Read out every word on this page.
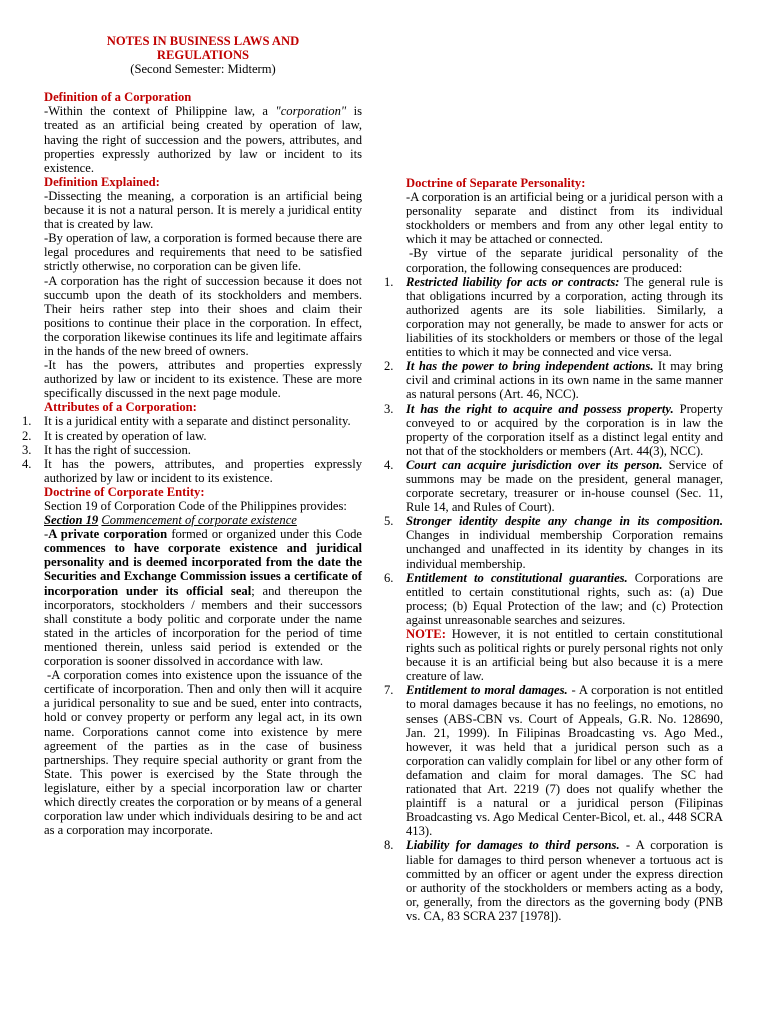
NOTES IN BUSINESS LAWS AND
REGULATIONS

(Second Semester: Midterm)

Definition of a Corporation

-Within the context of Philippine law, a "corporation" is treated as an artificial being created by operation of law, having the right of succession and the powers, attributes, and properties expressly authorized by law or incident to its existence.

Definition Explained:

-Dissecting the meaning, a corporation is an artificial being because it is not a natural person. It is merely a juridical entity that is created by law.

-By operation of law, a corporation is formed because there are legal procedures and requirements that need to be satisfied strictly otherwise, no corporation can be given life.

-A corporation has the right of succession because it does not succumb upon the death of its stockholders and members. Their heirs rather step into their shoes and claim their positions to continue their place in the corporation. In effect, the corporation likewise continues its life and legitimate affairs in the hands of the new breed of owners.

-It has the powers, attributes and properties expressly authorized by law or incident to its existence. These are more specifically discussed in the next page module.

Attributes of a Corporation:

1. It is a juridical entity with a separate and distinct personality.
2. It is created by operation of law.
3. It has the right of succession.
4. It has the powers, attributes, and properties expressly authorized by law or incident to its existence.

Doctrine of Corporate Entity:

Section 19 of Corporation Code of the Philippines provides:

Section 19 Commencement of corporate existence

-A private corporation formed or organized under this Code commences to have corporate existence and juridical personality and is deemed incorporated from the date the Securities and Exchange Commission issues a certificate of incorporation under its official seal; and thereupon the incorporators, stockholders / members and their successors shall constitute a body politic and corporate under the name stated in the articles of incorporation for the period of time mentioned therein, unless said period is extended or the corporation is sooner dissolved in accordance with law.

-A corporation comes into existence upon the issuance of the certificate of incorporation. Then and only then will it acquire a juridical personality to sue and be sued, enter into contracts, hold or convey property or perform any legal act, in its own name. Corporations cannot come into existence by mere agreement of the parties as in the case of business partnerships. They require special authority or grant from the State. This power is exercised by the State through the legislature, either by a special incorporation law or charter which directly creates the corporation or by means of a general corporation law under which individuals desiring to be and act as a corporation may incorporate.

Doctrine of Separate Personality:

-A corporation is an artificial being or a juridical person with a personality separate and distinct from its individual stockholders or members and from any other legal entity to which it may be attached or connected.

-By virtue of the separate juridical personality of the corporation, the following consequences are produced:

1. Restricted liability for acts or contracts: The general rule is that obligations incurred by a corporation, acting through its authorized agents are its sole liabilities. Similarly, a corporation may not generally, be made to answer for acts or liabilities of its stockholders or members or those of the legal entities to which it may be connected and vice versa.
2. It has the power to bring independent actions. It may bring civil and criminal actions in its own name in the same manner as natural persons (Art. 46, NCC).
3. It has the right to acquire and possess property. Property conveyed to or acquired by the corporation is in law the property of the corporation itself as a distinct legal entity and not that of the stockholders or members (Art. 44(3), NCC).
4. Court can acquire jurisdiction over its person. Service of summons may be made on the president, general manager, corporate secretary, treasurer or in-house counsel (Sec. 11, Rule 14, and Rules of Court).
5. Stronger identity despite any change in its composition. Changes in individual membership Corporation remains unchanged and unaffected in its identity by changes in its individual membership.
6. Entitlement to constitutional guaranties. Corporations are entitled to certain constitutional rights, such as: (a) Due process; (b) Equal Protection of the law; and (c) Protection against unreasonable searches and seizures.
NOTE: However, it is not entitled to certain constitutional rights such as political rights or purely personal rights not only because it is an artificial being but also because it is a mere creature of law.
7. Entitlement to moral damages. - A corporation is not entitled to moral damages because it has no feelings, no emotions, no senses (ABS-CBN vs. Court of Appeals, G.R. No. 128690, Jan. 21, 1999). In Filipinas Broadcasting vs. Ago Med., however, it was held that a juridical person such as a corporation can validly complain for libel or any other form of defamation and claim for moral damages. The SC had rationated that Art. 2219 (7) does not qualify whether the plaintiff is a natural or a juridical person (Filipinas Broadcasting vs. Ago Medical Center-Bicol, et. al., 448 SCRA 413).
8. Liability for damages to third persons. - A corporation is liable for damages to third person whenever a tortuous act is committed by an officer or agent under the express direction or authority of the stockholders or members acting as a body, or, generally, from the directors as the governing body (PNB vs. CA, 83 SCRA 237 [1978]).
